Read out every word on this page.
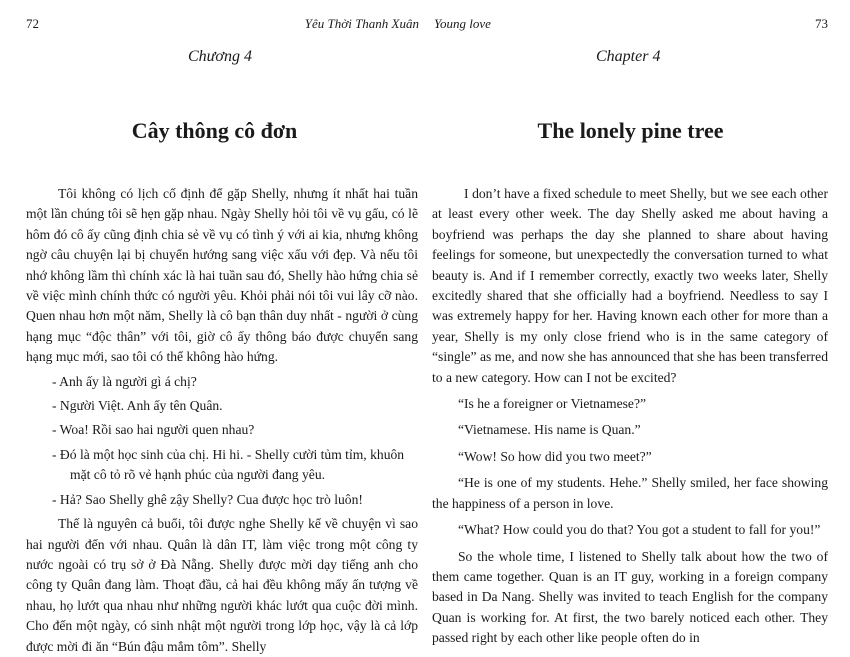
72	Yêu Thời Thanh Xuân
Chương 4
Cây thông cô đơn

Tôi không có lịch cố định để gặp Shelly, nhưng ít nhất hai tuần một lần chúng tôi sẽ hẹn gặp nhau. Ngày Shelly hỏi tôi về vụ gấu, có lẽ hôm đó cô ấy cũng định chia sẻ về vụ có tình ý với ai kia, nhưng không ngờ câu chuyện lại bị chuyển hướng sang việc xấu với đẹp. Và nếu tôi nhớ không lầm thì chính xác là hai tuần sau đó, Shelly hào hứng chia sẻ về việc mình chính thức có người yêu. Khỏi phải nói tôi vui lây cỡ nào. Quen nhau hơn một năm, Shelly là cô bạn thân duy nhất - người ở cùng hạng mục “độc thân” với tôi, giờ cô ấy thông báo được chuyển sang hạng mục mới, sao tôi có thể không hào hứng.

- Anh ấy là người gì á chị?
- Người Việt. Anh ấy tên Quân.
- Woa! Rồi sao hai người quen nhau?
- Đó là một học sinh của chị. Hi hi. - Shelly cười tủm tỉm, khuôn mặt cô tỏ rõ vẻ hạnh phúc của người đang yêu.
- Hả? Sao Shelly ghê zậy Shelly? Cua được học trò luôn!

Thế là nguyên cả buổi, tôi được nghe Shelly kể về chuyện vì sao hai người đến với nhau. Quân là dân IT, làm việc trong một công ty nước ngoài có trụ sở ở Đà Nẵng. Shelly được mời dạy tiếng anh cho công ty Quân đang làm. Thoạt đầu, cả hai đều không mấy ấn tượng về nhau, họ lướt qua nhau như những người khác lướt qua cuộc đời mình. Cho đến một ngày, có sinh nhật một người trong lớp học, vậy là cả lớp được mời đi ăn “Bún đậu mắm tôm”. Shelly

Young love	73
Chapter 4
The lonely pine tree

I don’t have a fixed schedule to meet Shelly, but we see each other at least every other week. The day Shelly asked me about having a boyfriend was perhaps the day she planned to share about having feelings for someone, but unexpectedly the conversation turned to what beauty is. And if I remember correctly, exactly two weeks later, Shelly excitedly shared that she officially had a boyfriend. Needless to say I was extremely happy for her. Having known each other for more than a year, Shelly is my only close friend who is in the same category of “single” as me, and now she has announced that she has been transferred to a new category. How can I not be excited?

“Is he a foreigner or Vietnamese?”

“Vietnamese. His name is Quan.”

“Wow! So how did you two meet?”

“He is one of my students. Hehe.” Shelly smiled, her face showing the happiness of a person in love.

“What? How could you do that? You got a student to fall for you!”

So the whole time, I listened to Shelly talk about how the two of them came together. Quan is an IT guy, working in a foreign company based in Da Nang. Shelly was invited to teach English for the company Quan is working for. At first, the two barely noticed each other. They passed right by each other like people often do in
